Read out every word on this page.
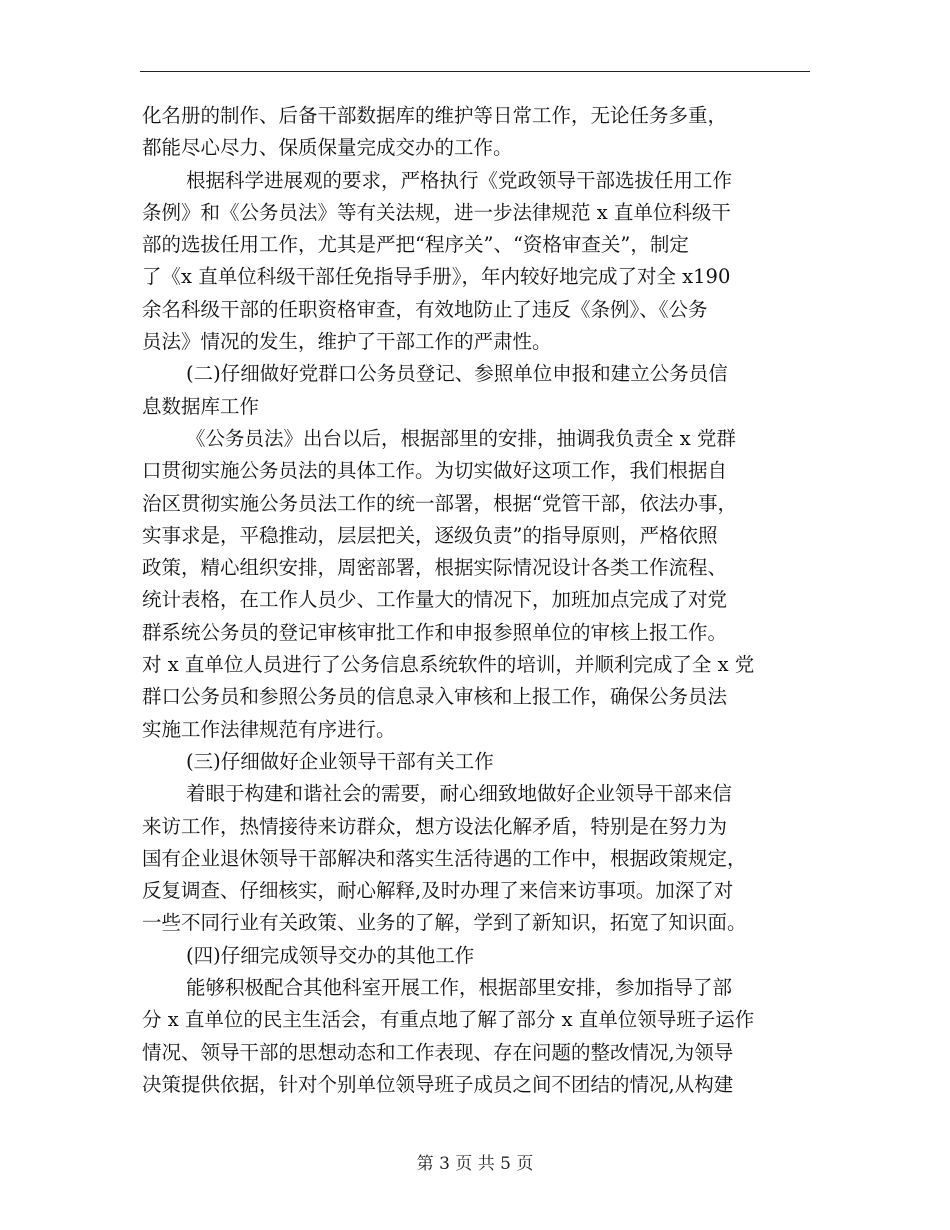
化名册的制作、后备干部数据库的维护等日常工作，无论任务多重，
都能尽心尽力、保质保量完成交办的工作。
根据科学进展观的要求，严格执行《党政领导干部选拔任用工作
条例》和《公务员法》等有关法规，进一步法律规范 x 直单位科级干
部的选拔任用工作，尤其是严把“程序关”、“资格审查关”，制定
了《x 直单位科级干部任免指导手册》，年内较好地完成了对全 x190
余名科级干部的任职资格审查，有效地防止了违反《条例》、《公务
员法》情况的发生，维护了干部工作的严肃性。
(二)仔细做好党群口公务员登记、参照单位申报和建立公务员信
息数据库工作
《公务员法》出台以后，根据部里的安排，抽调我负责全 x 党群
口贯彻实施公务员法的具体工作。为切实做好这项工作，我们根据自
治区贯彻实施公务员法工作的统一部署，根据“党管干部，依法办事，
实事求是，平稳推动，层层把关，逐级负责”的指导原则，严格依照
政策，精心组织安排，周密部署，根据实际情况设计各类工作流程、
统计表格，在工作人员少、工作量大的情况下，加班加点完成了对党
群系统公务员的登记审核审批工作和申报参照单位的审核上报工作。
对 x 直单位人员进行了公务信息系统软件的培训，并顺利完成了全 x 党
群口公务员和参照公务员的信息录入审核和上报工作，确保公务员法
实施工作法律规范有序进行。
(三)仔细做好企业领导干部有关工作
着眼于构建和谐社会的需要，耐心细致地做好企业领导干部来信
来访工作，热情接待来访群众，想方设法化解矛盾，特别是在努力为
国有企业退休领导干部解决和落实生活待遇的工作中，根据政策规定，
反复调查、仔细核实，耐心解释,及时办理了来信来访事项。加深了对
一些不同行业有关政策、业务的了解，学到了新知识，拓宽了知识面。
(四)仔细完成领导交办的其他工作
能够积极配合其他科室开展工作，根据部里安排，参加指导了部
分 x 直单位的民主生活会，有重点地了解了部分 x 直单位领导班子运作
情况、领导干部的思想动态和工作表现、存在问题的整改情况,为领导
决策提供依据，针对个别单位领导班子成员之间不团结的情况,从构建
第 3 页 共 5 页
